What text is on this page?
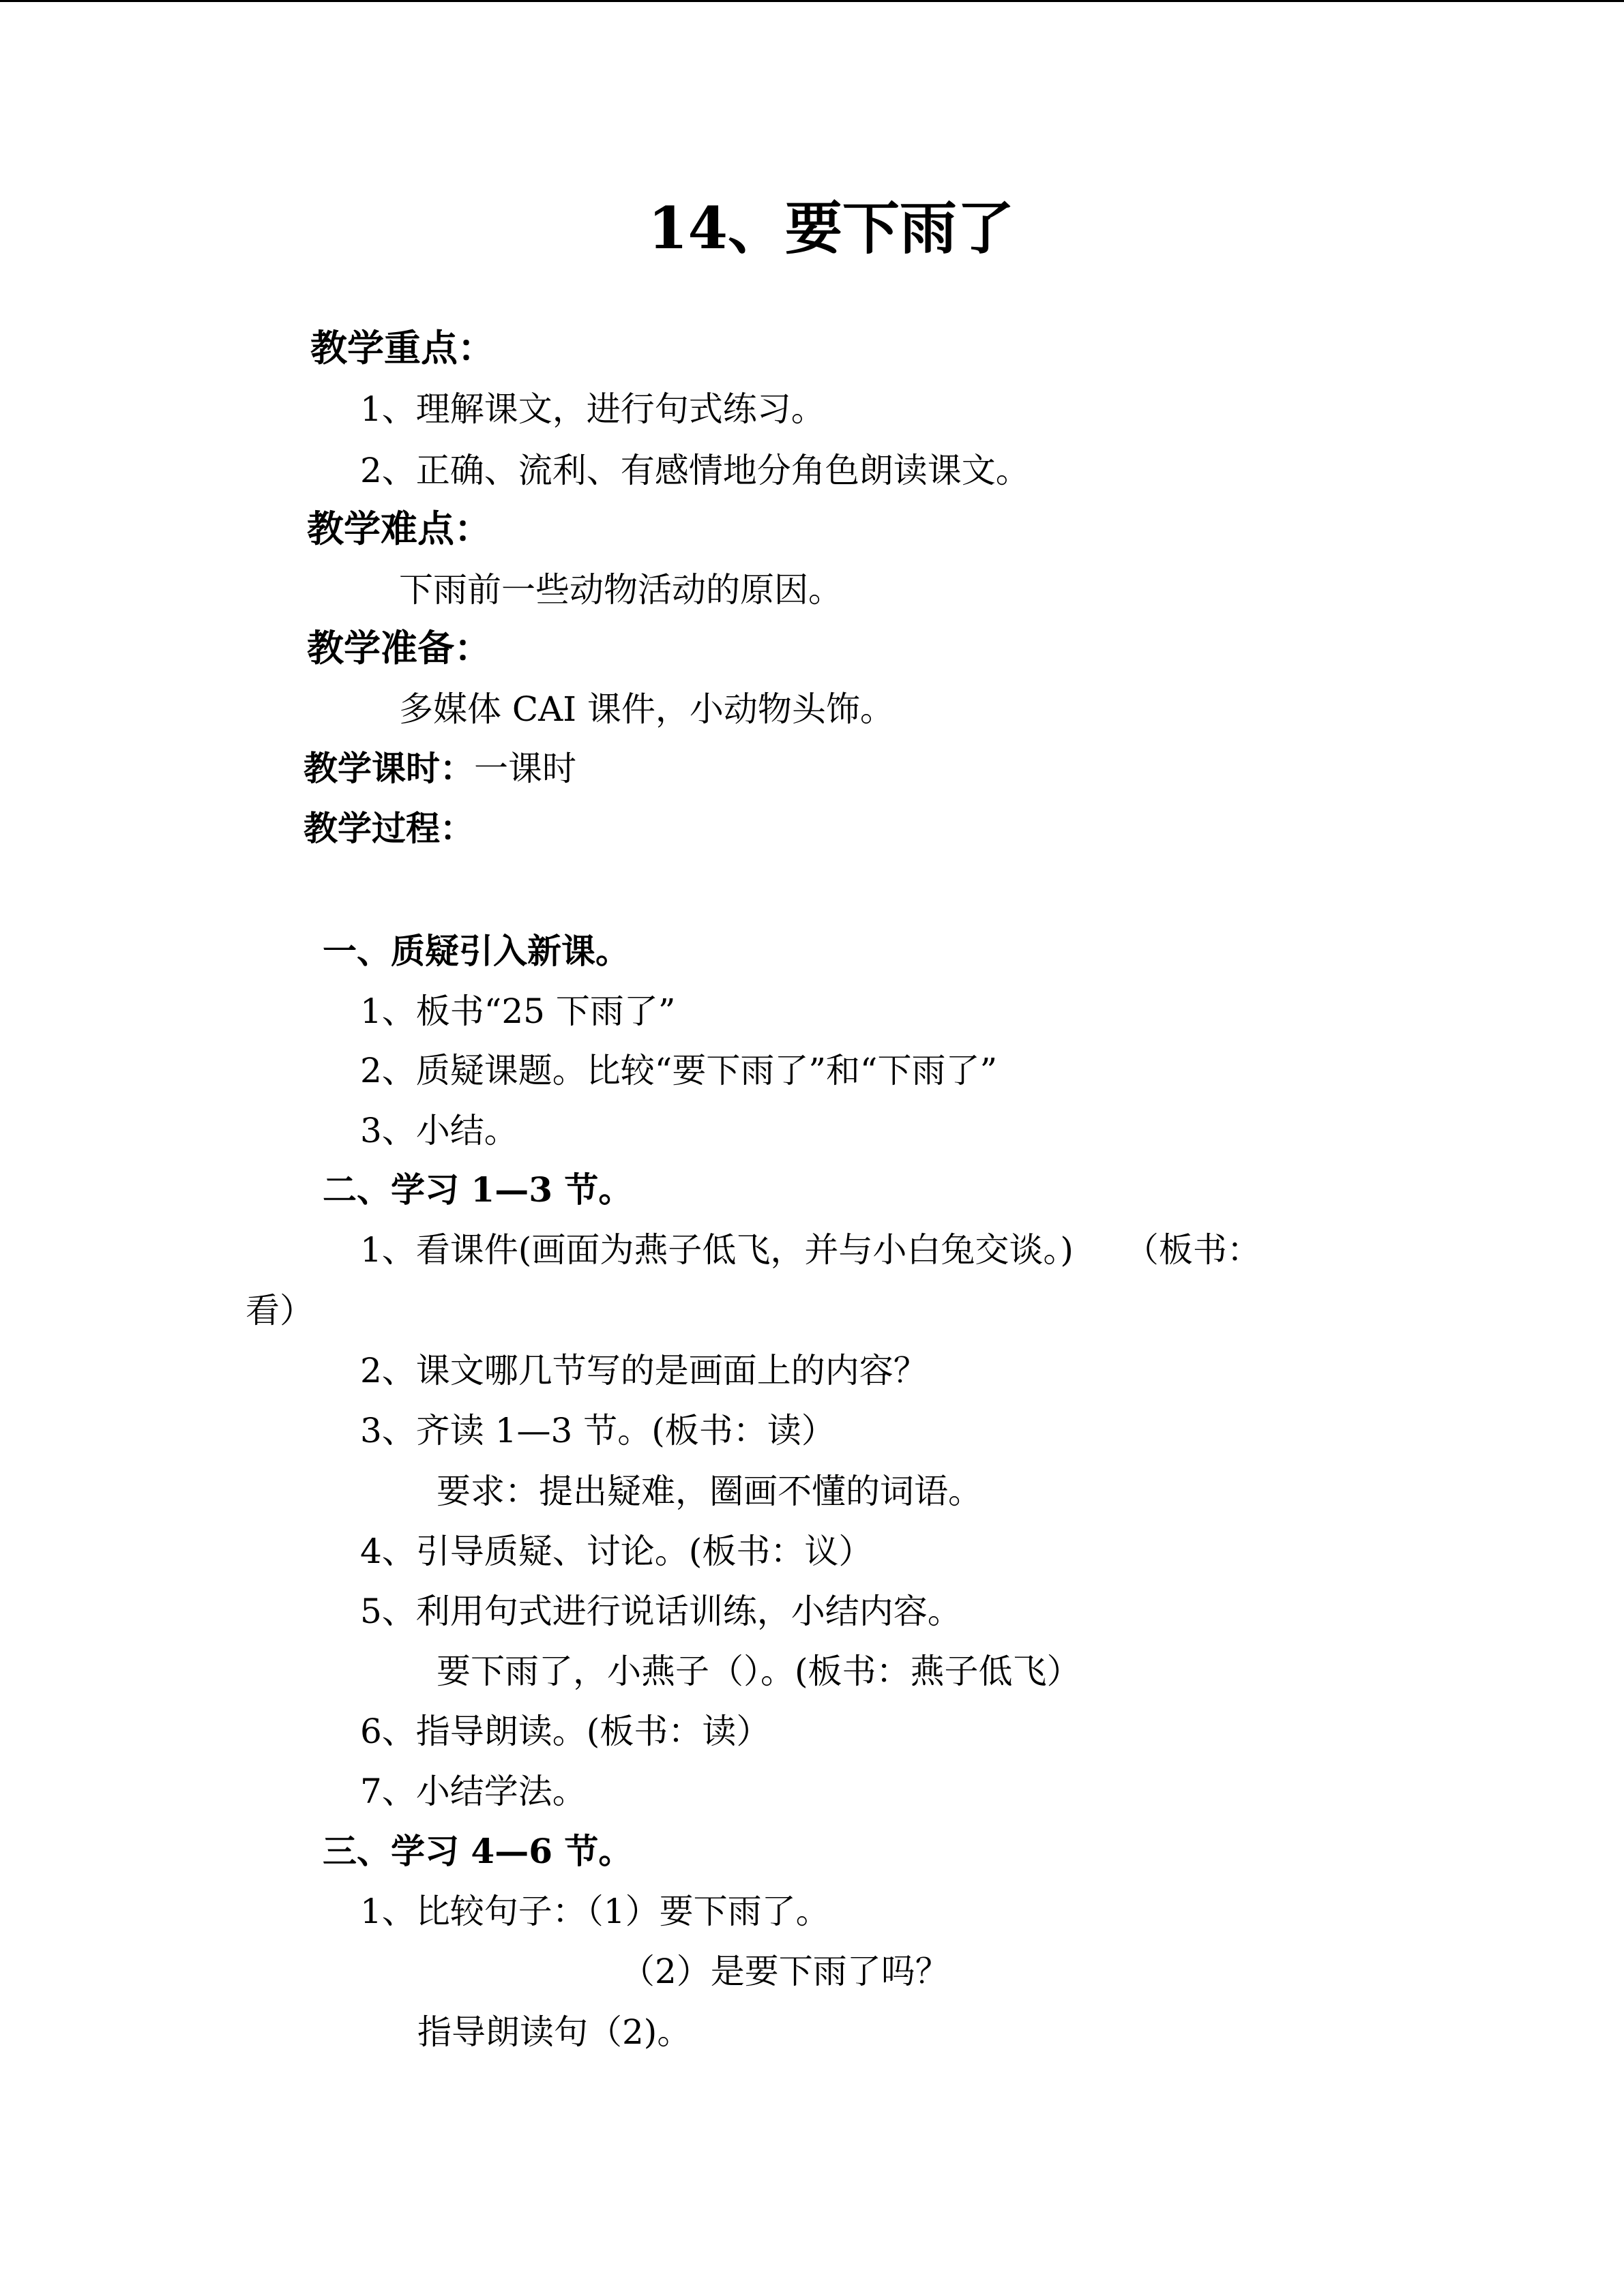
14、要下雨了
教学重点：
1、理解课文，进行句式练习。
2、正确、流利、有感情地分角色朗读课文。
教学难点：
下雨前一些动物活动的原因。
教学准备：
多媒体 CAI 课件，小动物头饰。
教学课时：一课时
教学过程：
一、质疑引入新课。
1、板书“25 下雨了”
2、质疑课题。比较“要下雨了”和“下雨了”
3、小结。
二、学习 1—3 节。
1、看课件(画面为燕子低飞，并与小白兔交谈。)　　（板书：
看）
2、课文哪几节写的是画面上的内容？
3、齐读 1—3 节。(板书：读）
要求：提出疑难，圈画不懂的词语。
4、引导质疑、讨论。(板书：议）
5、利用句式进行说话训练，小结内容。
要下雨了，小燕子（）。(板书：燕子低飞）
6、指导朗读。(板书：读）
7、小结学法。
三、学习 4—6 节。
1、比较句子：（1）要下雨了。
（2）是要下雨了吗？
指导朗读句（2)。
